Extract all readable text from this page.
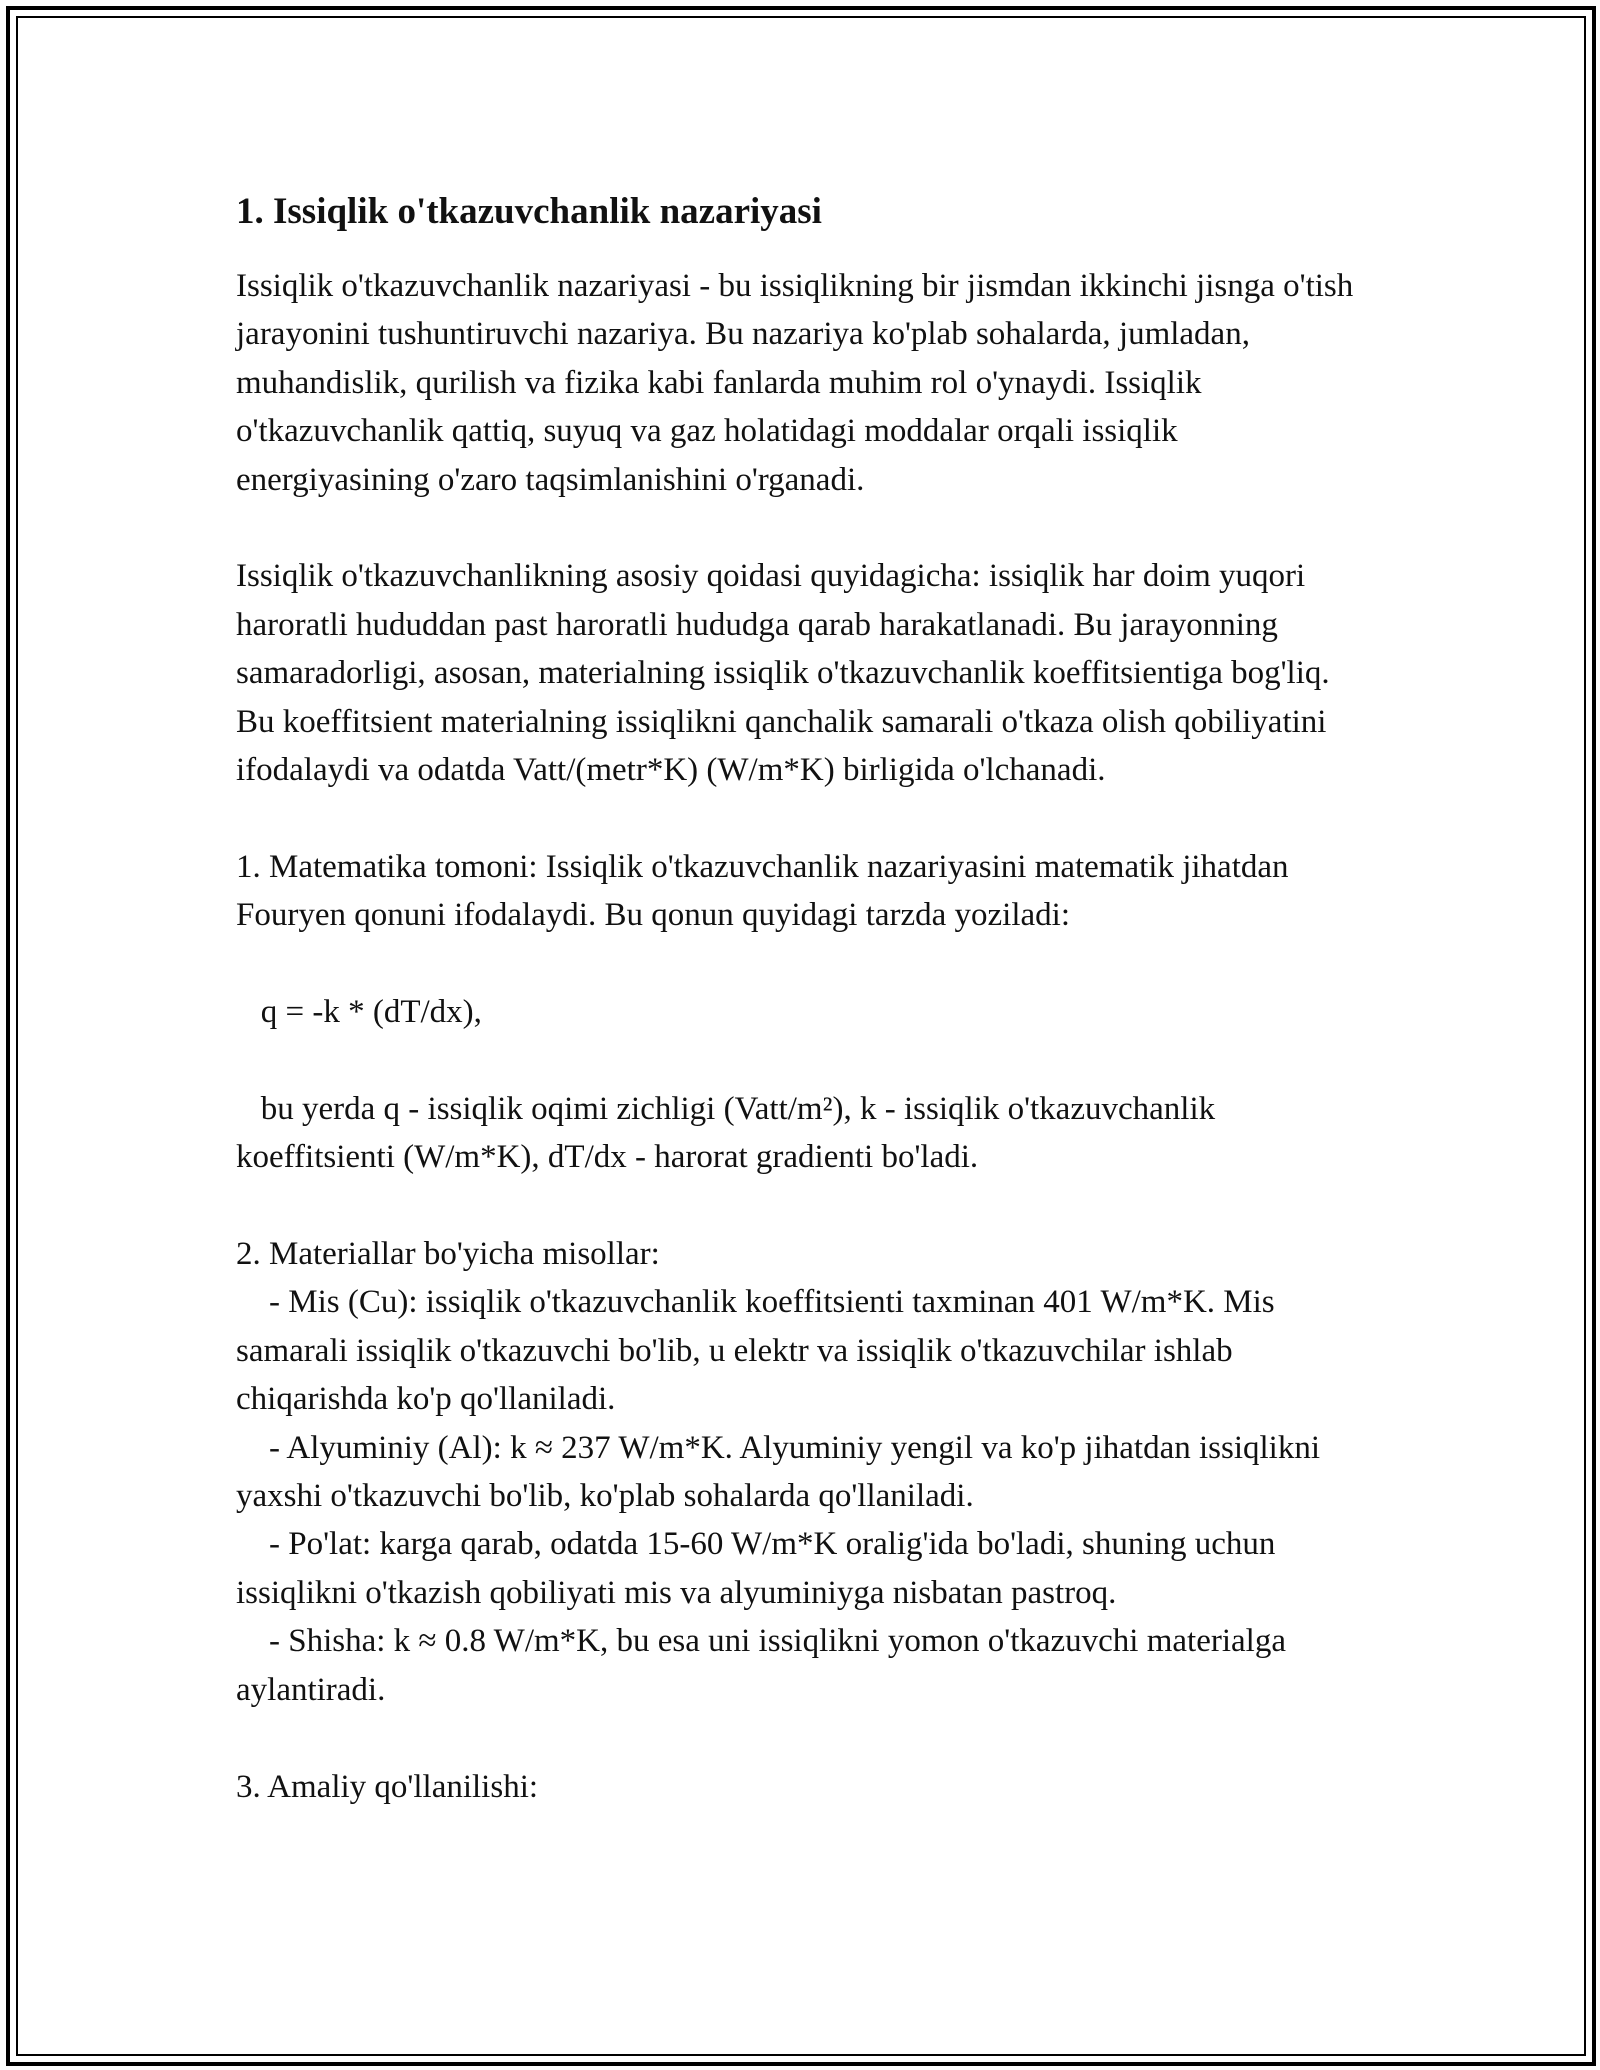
1. Issiqlik o'tkazuvchanlik nazariyasi

Issiqlik o'tkazuvchanlik nazariyasi - bu issiqlikning bir jismdan ikkinchi jisnga o'tish jarayonini tushuntiruvchi nazariya. Bu nazariya ko'plab sohalarda, jumladan, muhandislik, qurilish va fizika kabi fanlarda muhim rol o'ynaydi. Issiqlik o'tkazuvchanlik qattiq, suyuq va gaz holatidagi moddalar orqali issiqlik energiyasining o'zaro taqsimlanishini o'rganadi.

Issiqlik o'tkazuvchanlikning asosiy qoidasi quyidagicha: issiqlik har doim yuqori haroratli hududdan past haroratli hududga qarab harakatlanadi. Bu jarayonning samaradorligi, asosan, materialning issiqlik o'tkazuvchanlik koeffitsientiga bog'liq. Bu koeffitsient materialning issiqlikni qanchalik samarali o'tkaza olish qobiliyatini ifodalaydi va odatda Vatt/(metr*K) (W/m*K) birligida o'lchanadi.

1. Matematika tomoni: Issiqlik o'tkazuvchanlik nazariyasini matematik jihatdan Fouryen qonuni ifodalaydi. Bu qonun quyidagi tarzda yoziladi:

q = -k * (dT/dx),

bu yerda q - issiqlik oqimi zichligi (Vatt/m²), k - issiqlik o'tkazuvchanlik koeffitsienti (W/m*K), dT/dx - harorat gradienti bo'ladi.

2. Materiallar bo'yicha misollar:
- Mis (Cu): issiqlik o'tkazuvchanlik koeffitsienti taxminan 401 W/m*K. Mis samarali issiqlik o'tkazuvchi bo'lib, u elektr va issiqlik o'tkazuvchilar ishlab chiqarishda ko'p qo'llaniladi.
- Alyuminiy (Al): k ≈ 237 W/m*K. Alyuminiy yengil va ko'p jihatdan issiqlikni yaxshi o'tkazuvchi bo'lib, ko'plab sohalarda qo'llaniladi.
- Po'lat: karga qarab, odatda 15-60 W/m*K oralig'ida bo'ladi, shuning uchun issiqlikni o'tkazish qobiliyati mis va alyuminiyga nisbatan pastroq.
- Shisha: k ≈ 0.8 W/m*K, bu esa uni issiqlikni yomon o'tkazuvchi materialga aylantiradi.

3. Amaliy qo'llanilishi:
